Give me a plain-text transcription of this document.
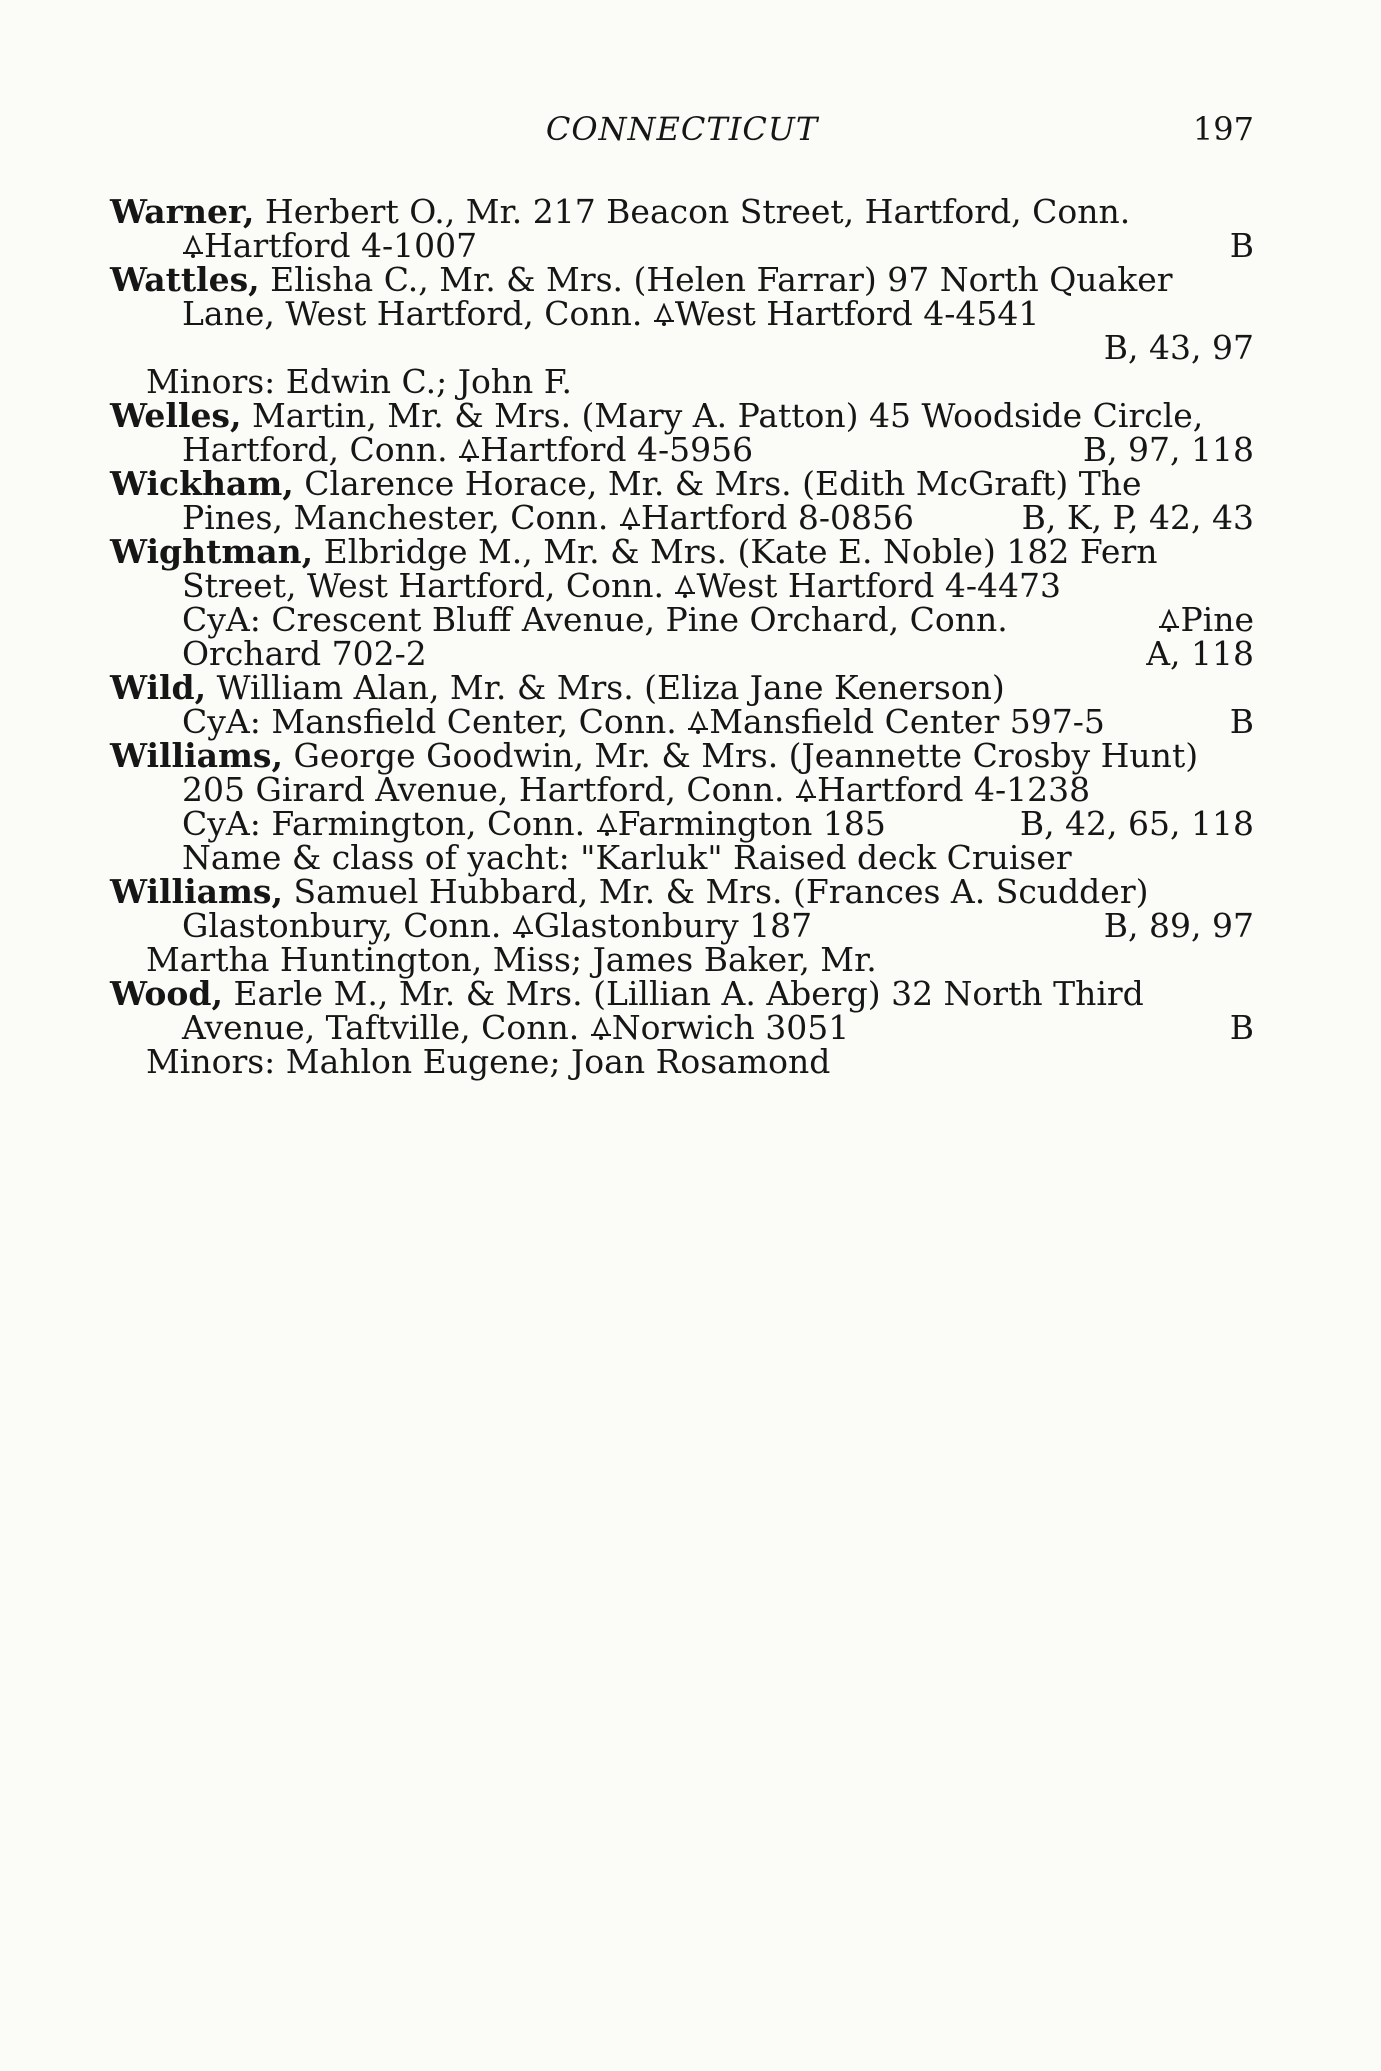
CONNECTICUT	197
Warner, Herbert O., Mr. 217 Beacon Street, Hartford, Conn.
Hartford 4-1007	B
Wattles, Elisha C., Mr. & Mrs. (Helen Farrar) 97 North Quaker
Lane, West Hartford, Conn. West Hartford 4-4541
B, 43, 97
Minors: Edwin C.; John F.
Welles, Martin, Mr. & Mrs. (Mary A. Patton) 45 Woodside Circle,
Hartford, Conn. Hartford 4-5956	B, 97, 118
Wickham, Clarence Horace, Mr. & Mrs. (Edith McGraft) The
Pines, Manchester, Conn. Hartford 8-0856	B, K, P, 42, 43
Wightman, Elbridge M., Mr. & Mrs. (Kate E. Noble) 182 Fern
Street, West Hartford, Conn. West Hartford 4-4473
CyA: Crescent Bluff Avenue, Pine Orchard, Conn.	Pine
Orchard 702-2	A, 118
Wild, William Alan, Mr. & Mrs. (Eliza Jane Kenerson)
CyA: Mansfield Center, Conn. Mansfield Center 597-5	B
Williams, George Goodwin, Mr. & Mrs. (Jeannette Crosby Hunt)
205 Girard Avenue, Hartford, Conn. Hartford 4-1238
CyA: Farmington, Conn. Farmington 185	B, 42, 65, 118
Name & class of yacht: "Karluk" Raised deck Cruiser
Williams, Samuel Hubbard, Mr. & Mrs. (Frances A. Scudder)
Glastonbury, Conn. Glastonbury 187	B, 89, 97
Martha Huntington, Miss; James Baker, Mr.
Wood, Earle M., Mr. & Mrs. (Lillian A. Aberg) 32 North Third
Avenue, Taftville, Conn. Norwich 3051	B
Minors: Mahlon Eugene; Joan Rosamond
